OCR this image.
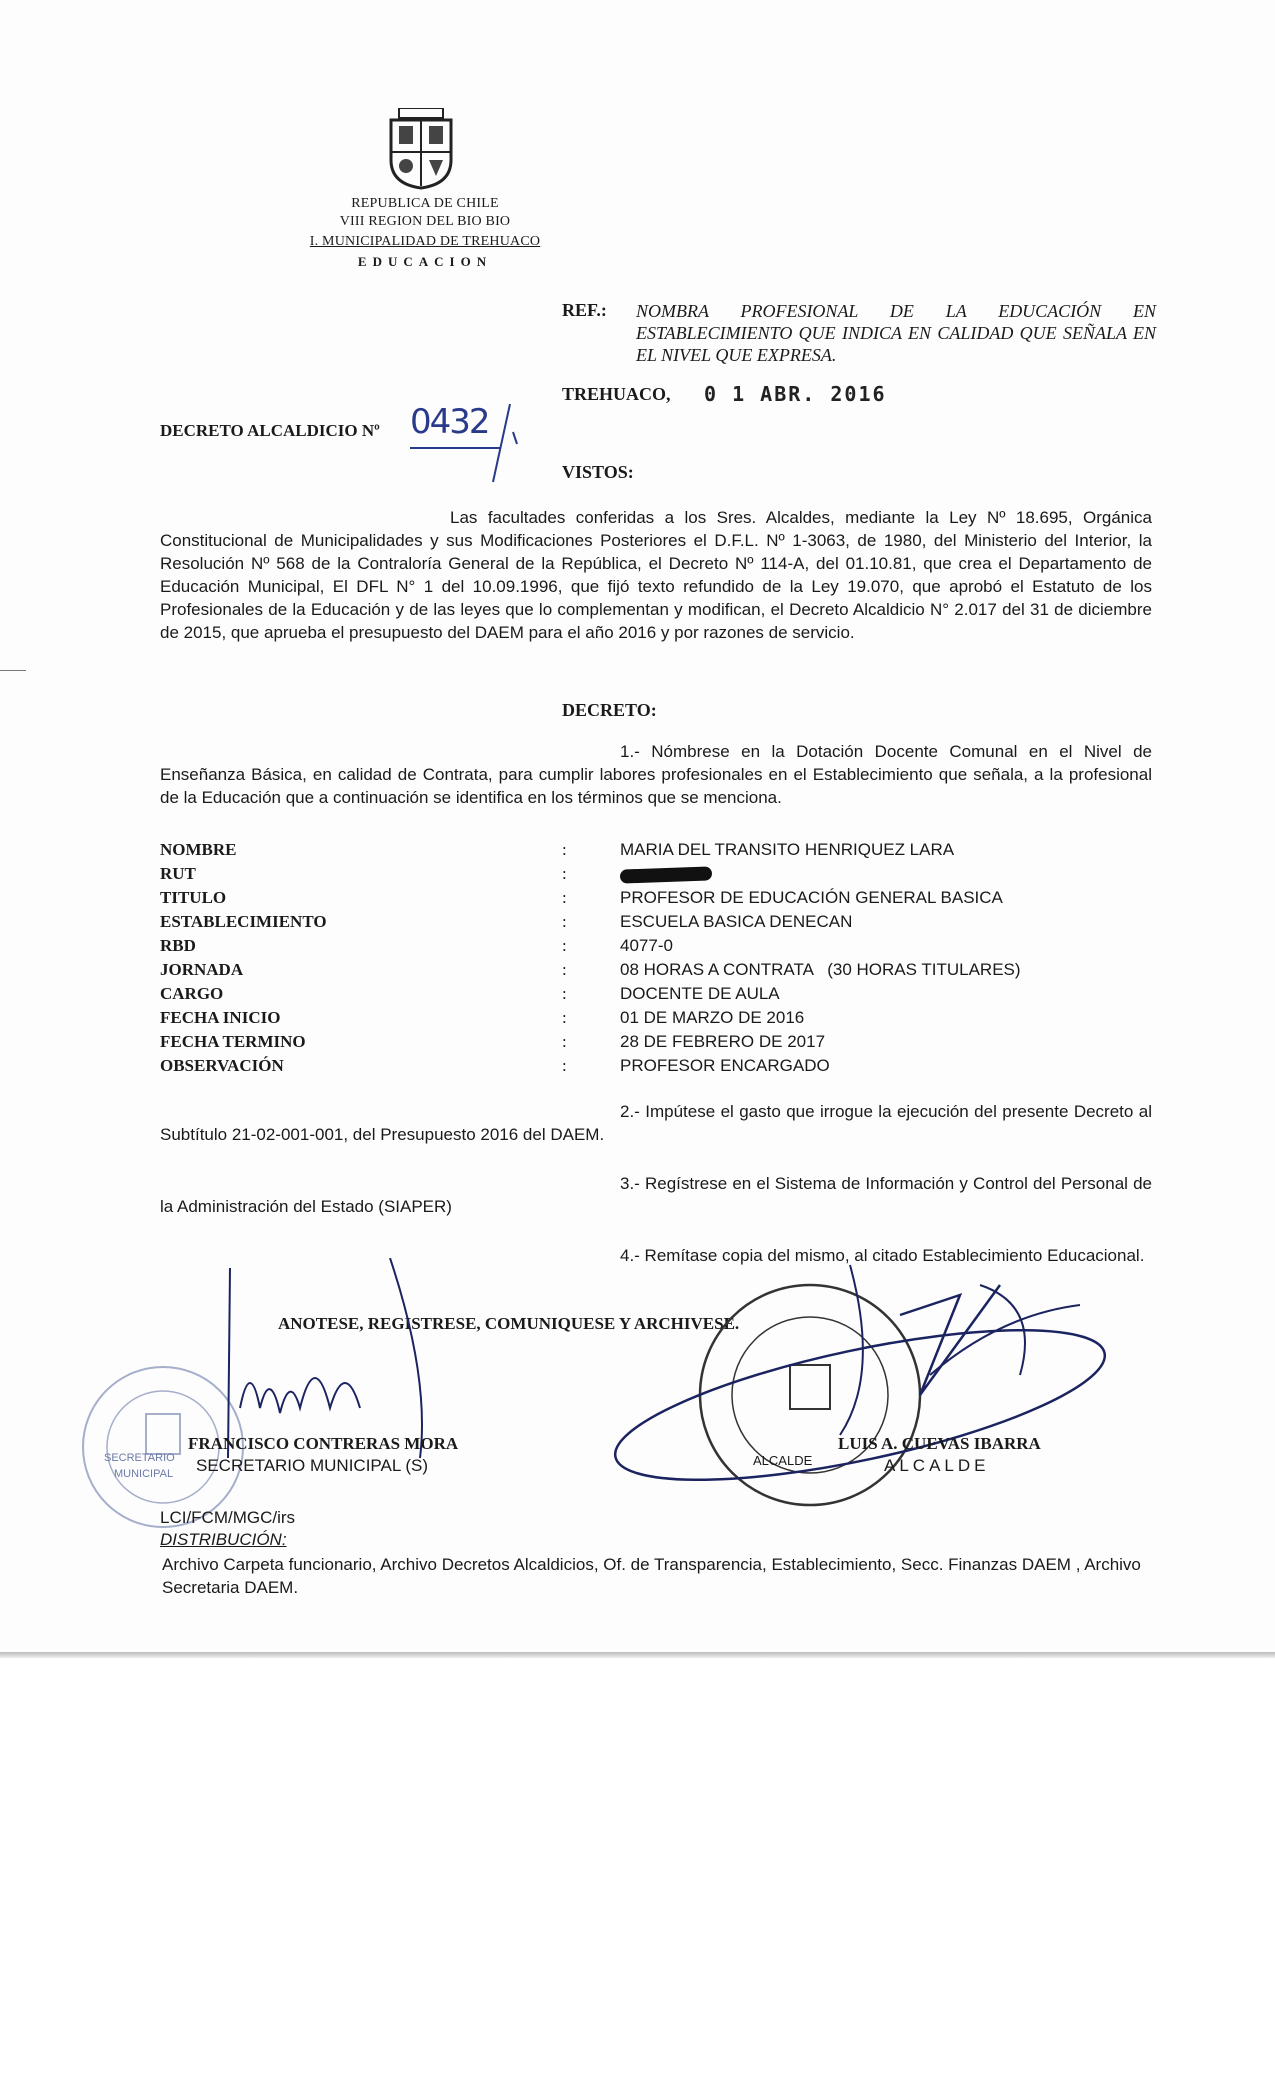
REPUBLICA DE CHILE
VIII REGION DEL BIO BIO
I. MUNICIPALIDAD DE TREHUACO
EDUCACION
REF.: NOMBRA PROFESIONAL DE LA EDUCACIÓN EN ESTABLECIMIENTO QUE INDICA EN CALIDAD QUE SEÑALA EN EL NIVEL QUE EXPRESA.
TREHUACO, 0 1 ABR. 2016
DECRETO ALCALDICIO Nº 0432
VISTOS:
Las facultades conferidas a los Sres. Alcaldes, mediante la Ley Nº 18.695, Orgánica Constitucional de Municipalidades y sus Modificaciones Posteriores el D.F.L. Nº 1-3063, de 1980, del Ministerio del Interior, la Resolución Nº 568 de la Contraloría General de la República, el Decreto Nº 114-A, del 01.10.81, que crea el Departamento de Educación Municipal, El DFL N° 1 del 10.09.1996, que fijó texto refundido de la Ley 19.070, que aprobó el Estatuto de los Profesionales de la Educación y de las leyes que lo complementan y modifican, el Decreto Alcaldicio N° 2.017 del 31 de diciembre de 2015, que aprueba el presupuesto del DAEM para el año 2016 y por razones de servicio.
DECRETO:
1.- Nómbrese en la Dotación Docente Comunal en el Nivel de Enseñanza Básica, en calidad de Contrata, para cumplir labores profesionales en el Establecimiento que señala, a la profesional de la Educación que a continuación se identifica en los términos que se menciona.
NOMBRE	:	MARIA DEL TRANSITO HENRIQUEZ LARA
RUT	:
TITULO	:	PROFESOR DE EDUCACIÓN GENERAL BASICA
ESTABLECIMIENTO	:	ESCUELA BASICA DENECAN
RBD	:	4077-0
JORNADA	:	08 HORAS A CONTRATA   (30 HORAS TITULARES)
CARGO	:	DOCENTE DE AULA
FECHA INICIO	:	01 DE MARZO DE 2016
FECHA TERMINO	:	28 DE FEBRERO DE 2017
OBSERVACIÓN	:	PROFESOR ENCARGADO
2.- Impútese el gasto que irrogue la ejecución del presente Decreto al Subtítulo 21-02-001-001, del Presupuesto 2016 del DAEM.
3.- Regístrese en el Sistema de Información y Control del Personal de la Administración del Estado (SIAPER)
4.- Remítase copia del mismo, al citado Establecimiento Educacional.
ANOTESE, REGISTRESE, COMUNIQUESE Y ARCHIVESE.
SECRETARIO
MUNICIPAL
FRANCISCO CONTRERAS MORA
SECRETARIO MUNICIPAL (S)	ALCALDE
LUIS A. CUEVAS IBARRA
ALCALDE
LCI/FCM/MGC/irs
DISTRIBUCIÓN:
Archivo Carpeta funcionario, Archivo Decretos Alcaldicios, Of. de Transparencia, Establecimiento, Secc. Finanzas DAEM , Archivo Secretaria DAEM.
